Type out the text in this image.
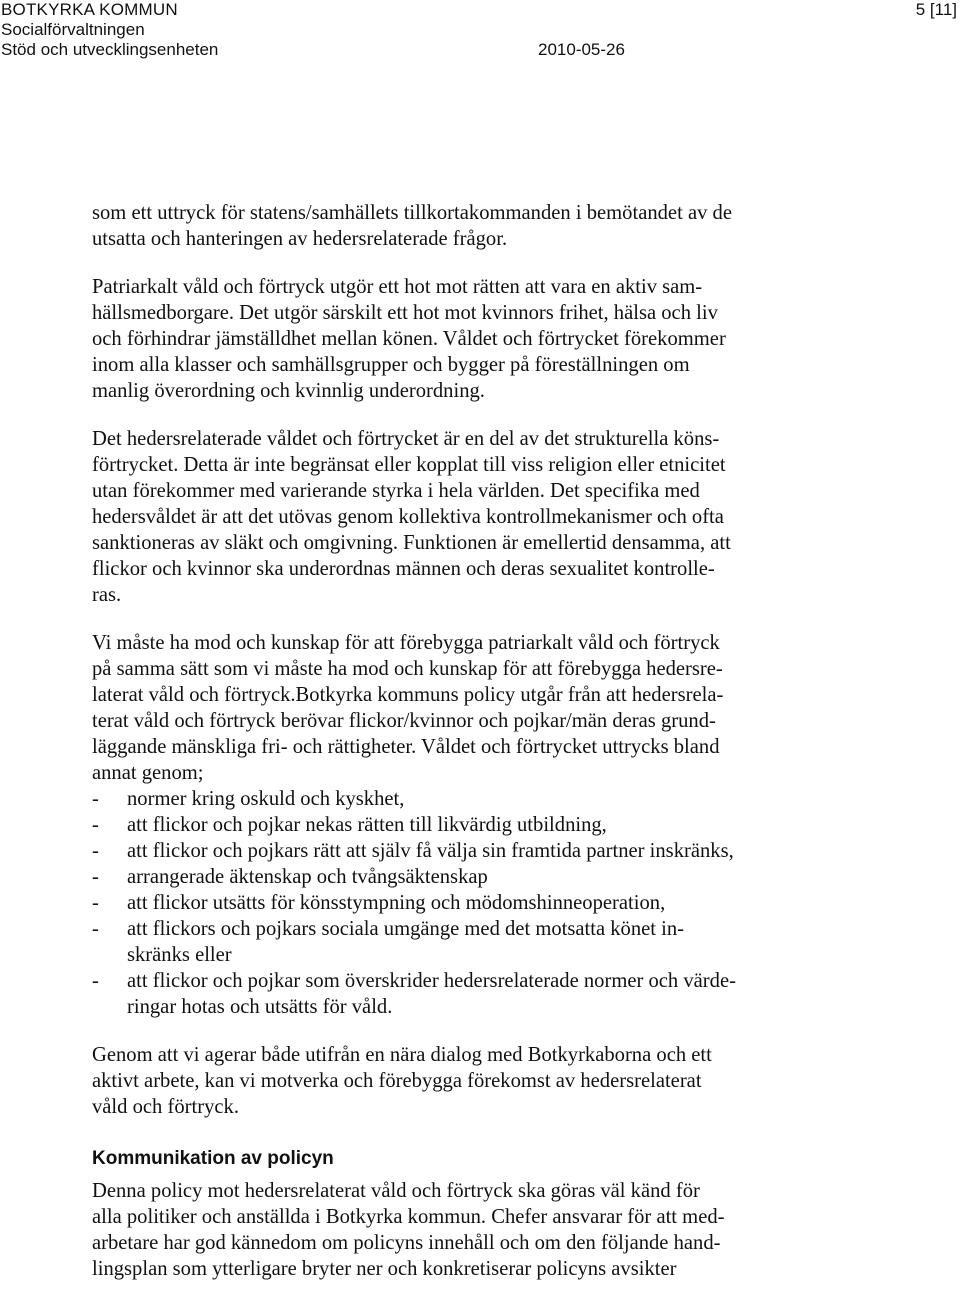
BOTKYRKA KOMMUN
Socialförvaltningen
Stöd och utvecklingsenheten	2010-05-26
5 [11]

som ett uttryck för statens/samhällets tillkortakommanden i bemötandet av de
utsatta och hanteringen av hedersrelaterade frågor.

Patriarkalt våld och förtryck utgör ett hot mot rätten att vara en aktiv sam-
hällsmedborgare. Det utgör särskilt ett hot mot kvinnors frihet, hälsa och liv
och förhindrar jämställdhet mellan könen. Våldet och förtrycket förekommer
inom alla klasser och samhällsgrupper och bygger på föreställningen om
manlig överordning och kvinnlig underordning.

Det hedersrelaterade våldet och förtrycket är en del av det strukturella köns-
förtrycket. Detta är inte begränsat eller kopplat till viss religion eller etnicitet
utan förekommer med varierande styrka i hela världen. Det specifika med
hedersvåldet är att det utövas genom kollektiva kontrollmekanismer och ofta
sanktioneras av släkt och omgivning. Funktionen är emellertid densamma, att
flickor och kvinnor ska underordnas männen och deras sexualitet kontrolle-
ras.

Vi måste ha mod och kunskap för att förebygga patriarkalt våld och förtryck
på samma sätt som vi måste ha mod och kunskap för att förebygga hedersre-
laterat våld och förtryck.Botkyrka kommuns policy utgår från att hedersrela-
terat våld och förtryck berövar flickor/kvinnor och pojkar/män deras grund-
läggande mänskliga fri- och rättigheter. Våldet och förtrycket uttrycks bland
annat genom;

- normer kring oskuld och kyskhet,
- att flickor och pojkar nekas rätten till likvärdig utbildning,
- att flickor och pojkars rätt att själv få välja sin framtida partner inskränks,
- arrangerade äktenskap och tvångsäktenskap
- att flickor utsätts för könsstympning och mödomshinneoperation,
- att flickors och pojkars sociala umgänge med det motsatta könet in-
skränks eller
- att flickor och pojkar som överskrider hedersrelaterade normer och värde-
ringar hotas och utsätts för våld.

Genom att vi agerar både utifrån en nära dialog med Botkyrkaborna och ett
aktivt arbete, kan vi motverka och förebygga förekomst av hedersrelaterat
våld och förtryck.

Kommunikation av policyn

Denna policy mot hedersrelaterat våld och förtryck ska göras väl känd för
alla politiker och anställda i Botkyrka kommun. Chefer ansvarar för att med-
arbetare har god kännedom om policyns innehåll och om den följande hand-
lingsplan som ytterligare bryter ner och konkretiserar policyns avsikter
